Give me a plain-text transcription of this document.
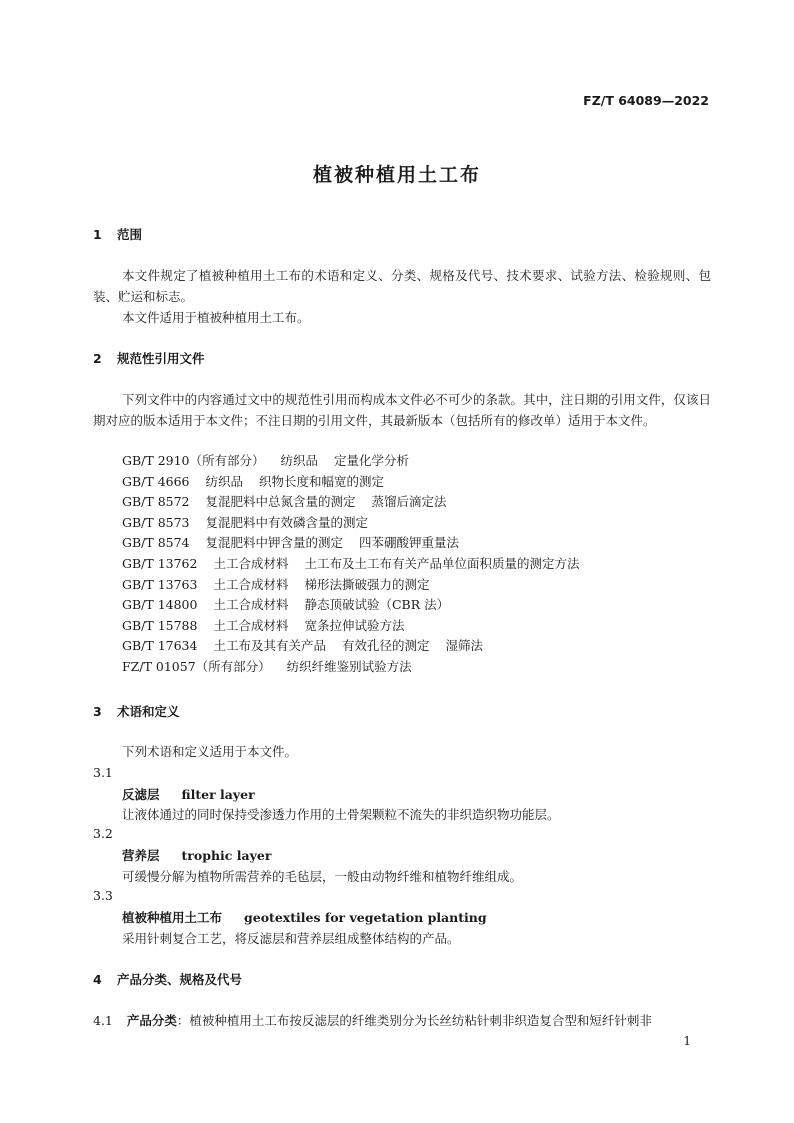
FZ/T 64089—2022
植被种植用土工布
1 范围
本文件规定了植被种植用土工布的术语和定义、分类、规格及代号、技术要求、试验方法、检验规则、包装、贮运和标志。
本文件适用于植被种植用土工布。
2 规范性引用文件
下列文件中的内容通过文中的规范性引用而构成本文件必不可少的条款。其中，注日期的引用文件，仅该日期对应的版本适用于本文件；不注日期的引用文件，其最新版本（包括所有的修改单）适用于本文件。
GB/T 2910（所有部分） 纺织品 定量化学分析
GB/T 4666 纺织品 织物长度和幅宽的测定
GB/T 8572 复混肥料中总氮含量的测定 蒸馏后滴定法
GB/T 8573 复混肥料中有效磷含量的测定
GB/T 8574 复混肥料中钾含量的测定 四苯硼酸钾重量法
GB/T 13762 土工合成材料 土工布及土工布有关产品单位面积质量的测定方法
GB/T 13763 土工合成材料 梯形法撕破强力的测定
GB/T 14800 土工合成材料 静态顶破试验（CBR 法）
GB/T 15788 土工合成材料 宽条拉伸试验方法
GB/T 17634 土工布及其有关产品 有效孔径的测定 湿筛法
FZ/T 01057（所有部分） 纺织纤维鉴别试验方法
3 术语和定义
下列术语和定义适用于本文件。
3.1
反滤层 filter layer
让液体通过的同时保持受渗透力作用的土骨架颗粒不流失的非织造织物功能层。
3.2
营养层 trophic layer
可缓慢分解为植物所需营养的毛毡层，一般由动物纤维和植物纤维组成。
3.3
植被种植用土工布 geotextiles for vegetation planting
采用针刺复合工艺，将反滤层和营养层组成整体结构的产品。
4 产品分类、规格及代号
4.1 产品分类：植被种植用土工布按反滤层的纤维类别分为长丝纺粘针刺非织造复合型和短纤针刺非
1
